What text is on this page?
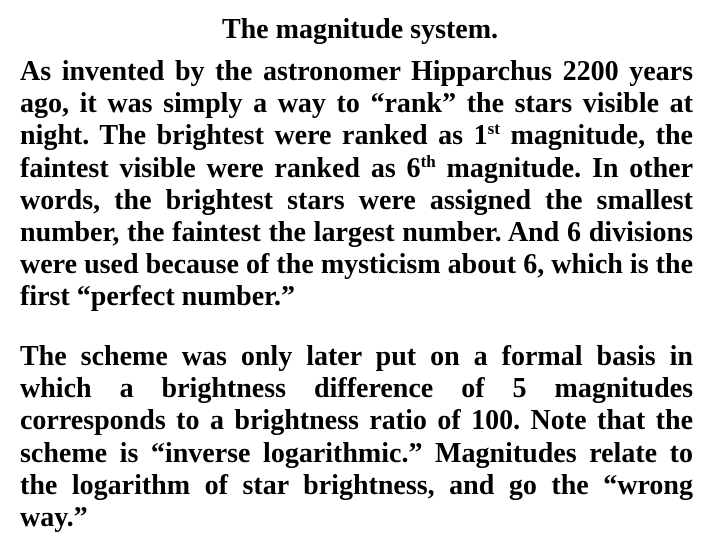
The magnitude system.
As invented by the astronomer Hipparchus 2200 years ago, it was simply a way to “rank” the stars visible at night. The brightest were ranked as 1st magnitude, the faintest visible were ranked as 6th magnitude. In other words, the brightest stars were assigned the smallest number, the faintest the largest number. And 6 divisions were used because of the mysticism about 6, which is the first “perfect number.”
The scheme was only later put on a formal basis in which a brightness difference of 5 magnitudes corresponds to a brightness ratio of 100. Note that the scheme is “inverse logarithmic.” Magnitudes relate to the logarithm of star brightness, and go the “wrong way.”
